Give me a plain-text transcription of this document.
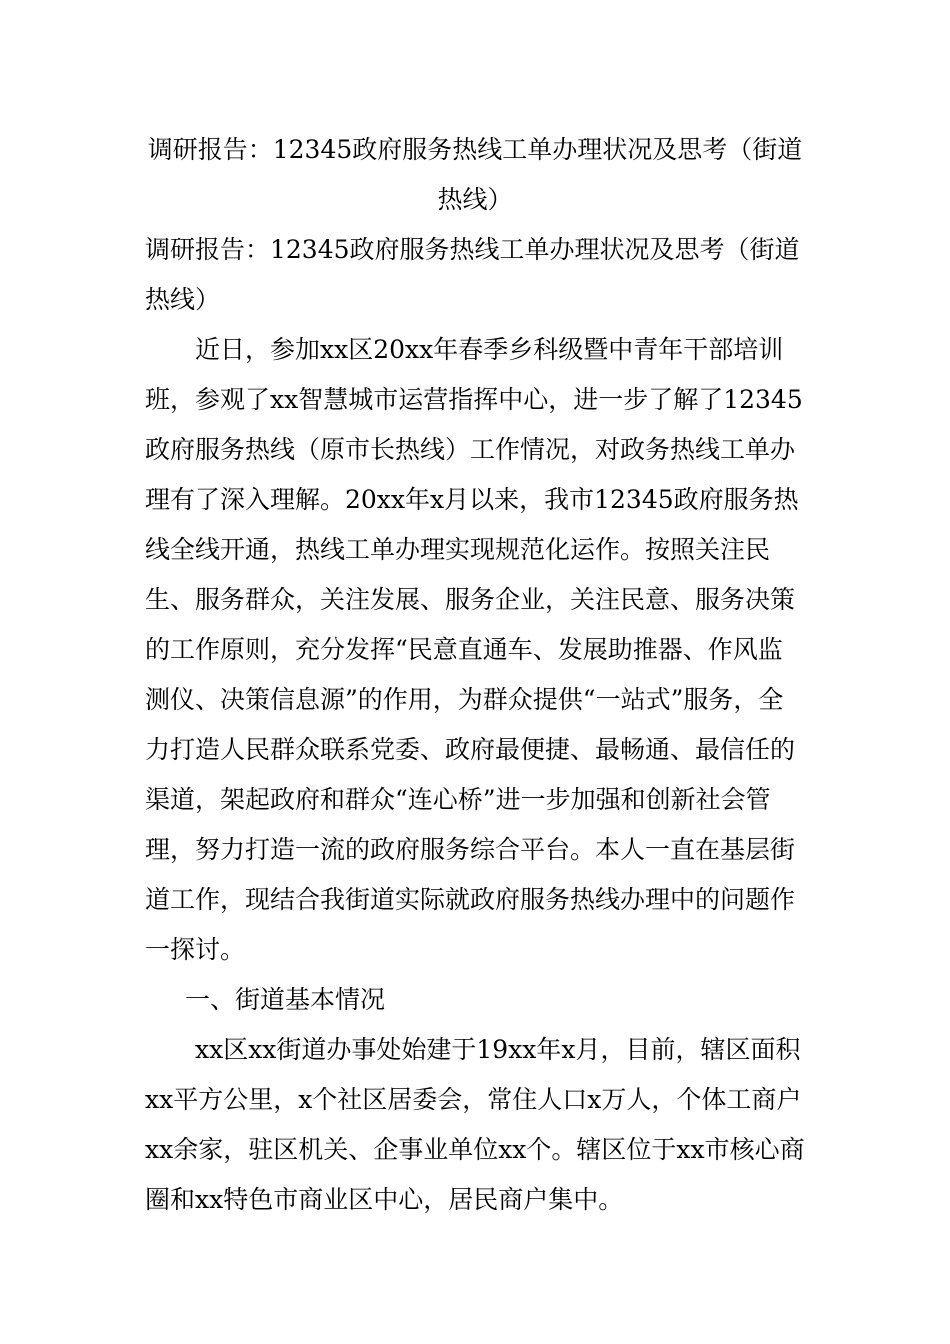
调研报告：12345政府服务热线工单办理状况及思考（街道热线）

调研报告：12345政府服务热线工单办理状况及思考（街道热线）

近日，参加xx区20xx年春季乡科级暨中青年干部培训班，参观了xx智慧城市运营指挥中心，进一步了解了12345政府服务热线（原市长热线）工作情况，对政务热线工单办理有了深入理解。20xx年x月以来，我市12345政府服务热线全线开通，热线工单办理实现规范化运作。按照关注民生、服务群众，关注发展、服务企业，关注民意、服务决策的工作原则，充分发挥“民意直通车、发展助推器、作风监测仪、决策信息源”的作用，为群众提供“一站式”服务，全力打造人民群众联系党委、政府最便捷、最畅通、最信任的渠道，架起政府和群众“连心桥”进一步加强和创新社会管理，努力打造一流的政府服务综合平台。本人一直在基层街道工作，现结合我街道实际就政府服务热线办理中的问题作一探讨。

一、街道基本情况

xx区xx街道办事处始建于19xx年x月，目前，辖区面积xx平方公里，x个社区居委会，常住人口x万人，个体工商户xx余家，驻区机关、企事业单位xx个。辖区位于xx市核心商圈和xx特色市商业区中心，居民商户集中。
